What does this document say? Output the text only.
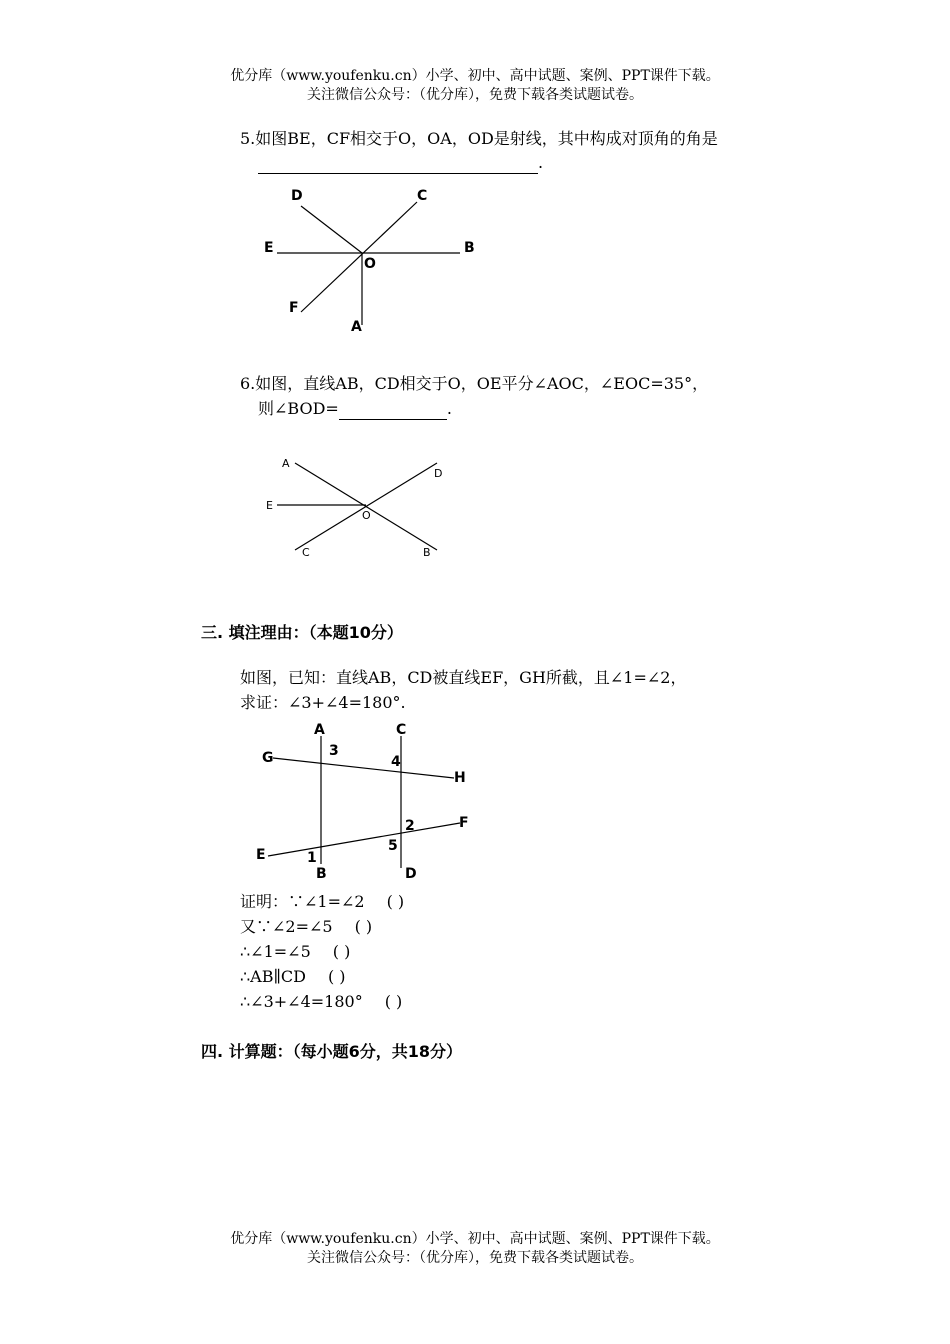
优分库（www.youfenku.cn）小学、初中、高中试题、案例、PPT课件下载。
关注微信公众号：（优分库），免费下载各类试题试卷。
5.如图BE，CF相交于O，OA，OD是射线，其中构成对顶角的角是
.
D	C
E	B
O
F
A
6.如图，直线AB，CD相交于O，OE平分∠AOC，∠EOC=35°，
则∠BOD=	.
A
D
E
O
C	B
三. 填注理由：（本题10分）
如图，已知：直线AB，CD被直线EF，GH所截，且∠1=∠2，
求证：∠3+∠4=180°.
A	C
G
H
E
F
B	D
1
2
3
4
5
证明：∵∠1=∠2 ( )
又∵∠2=∠5 ( )
∴∠1=∠5 ( )
∴AB∥CD ( )
∴∠3+∠4=180° ( )
四. 计算题：（每小题6分，共18分）
优分库（www.youfenku.cn）小学、初中、高中试题、案例、PPT课件下载。
关注微信公众号：（优分库），免费下载各类试题试卷。
